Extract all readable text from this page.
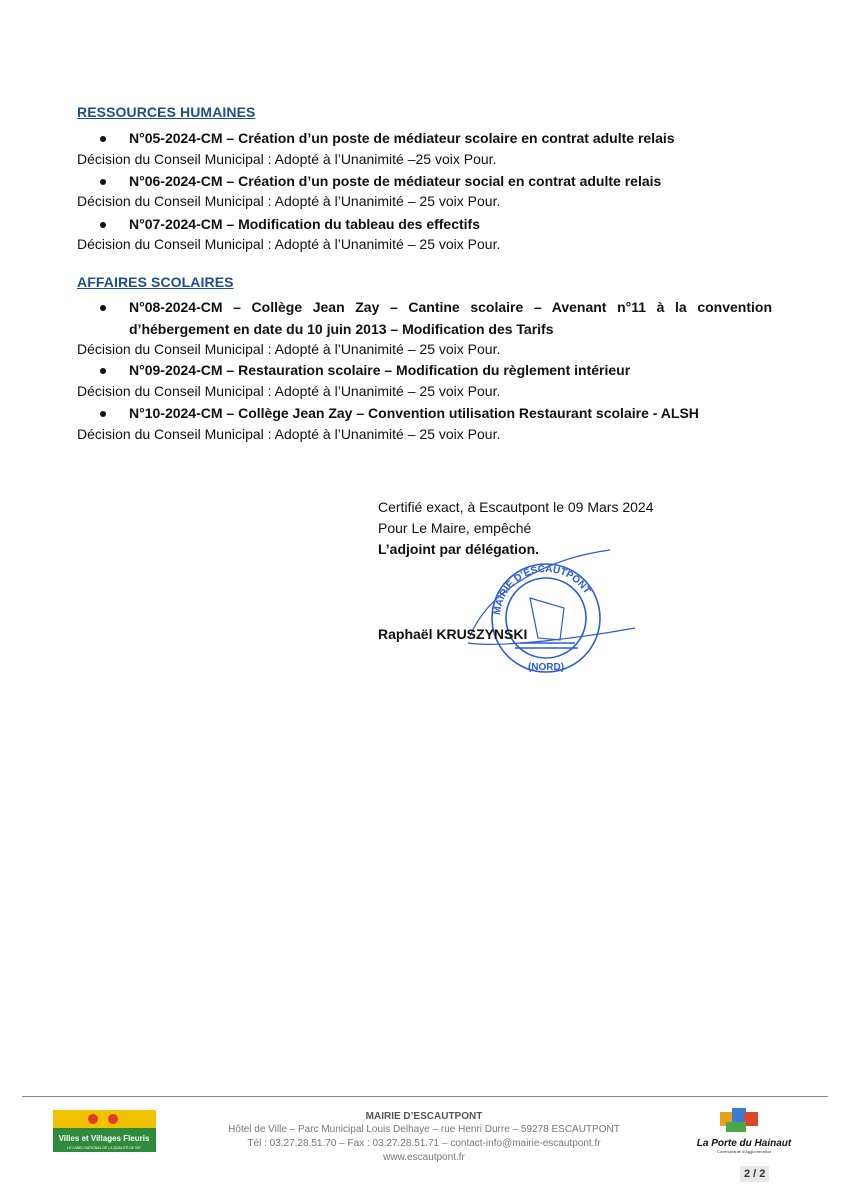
RESSOURCES HUMAINES
N°05-2024-CM – Création d’un poste de médiateur scolaire en contrat adulte relais
Décision du Conseil Municipal : Adopté à l’Unanimité –25 voix Pour.
N°06-2024-CM – Création d’un poste de médiateur social en contrat adulte relais
Décision du Conseil Municipal : Adopté à l’Unanimité – 25 voix Pour.
N°07-2024-CM – Modification du tableau des effectifs
Décision du Conseil Municipal : Adopté à l’Unanimité – 25 voix Pour.
AFFAIRES SCOLAIRES
N°08-2024-CM – Collège Jean Zay – Cantine scolaire – Avenant n°11 à la convention d’hébergement en date du 10 juin 2013 – Modification des Tarifs
Décision du Conseil Municipal : Adopté à l’Unanimité – 25 voix Pour.
N°09-2024-CM – Restauration scolaire – Modification du règlement intérieur
Décision du Conseil Municipal : Adopté à l’Unanimité – 25 voix Pour.
N°10-2024-CM – Collège Jean Zay – Convention utilisation Restaurant scolaire - ALSH
Décision du Conseil Municipal : Adopté à l’Unanimité – 25 voix Pour.
Certifié exact, à Escautpont le 09 Mars 2024
Pour Le Maire, empêché
L’adjoint par délégation.
MAIRIE D’ESCAUTPONT
(NORD)
Raphaël KRUSZYNSKI
Villes et Villages Fleuris
LE LABEL NATIONAL DE LA QUALITÉ DE VIE
MAIRIE D’ESCAUTPONT
Hôtel de Ville – Parc Municipal Louis Delhaye – rue Henri Durre – 59278 ESCAUTPONT
Tél : 03.27.28.51.70 – Fax : 03.27.28.51.71 – contact-info@mairie-escautpont.fr
www.escautpont.fr
La Porte du Hainaut
Communauté d’Agglomération
2 / 2
